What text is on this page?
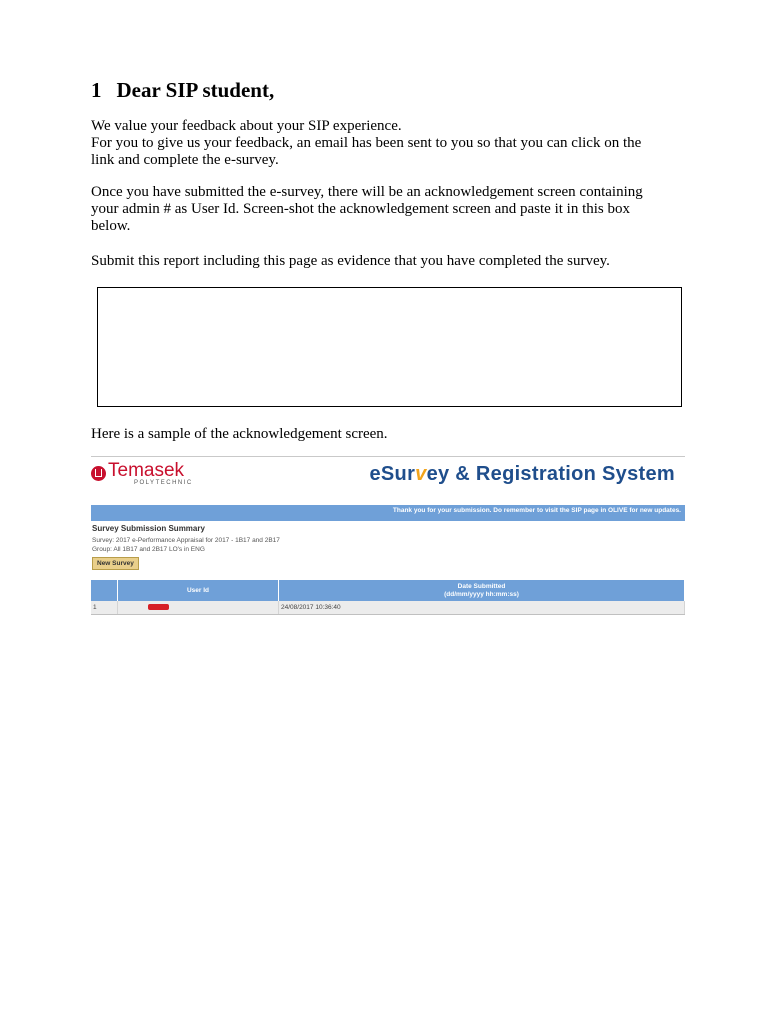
1 Dear SIP student,

We value your feedback about your SIP experience.
For you to give us your feedback, an email has been sent to you so that you can click on the
link and complete the e-survey.

Once you have submitted the e-survey, there will be an acknowledgement screen containing
your admin # as User Id. Screen-shot the acknowledgement screen and paste it in this box
below.

Submit this report including this page as evidence that you have completed the survey.

Here is a sample of the acknowledgement screen.

Temasek
POLYTECHNIC	eSurvey & Registration System
Thank you for your submission. Do remember to visit the SIP page in OLIVE for new updates.
Survey Submission Summary
Survey: 2017 e-Performance Appraisal for 2017 - 1B17 and 2B17
Group: All 1B17 and 2B17 LO's in ENG
New Survey
	User Id	Date Submitted
(dd/mm/yyyy hh:mm:ss)
1		24/08/2017 10:36:40
